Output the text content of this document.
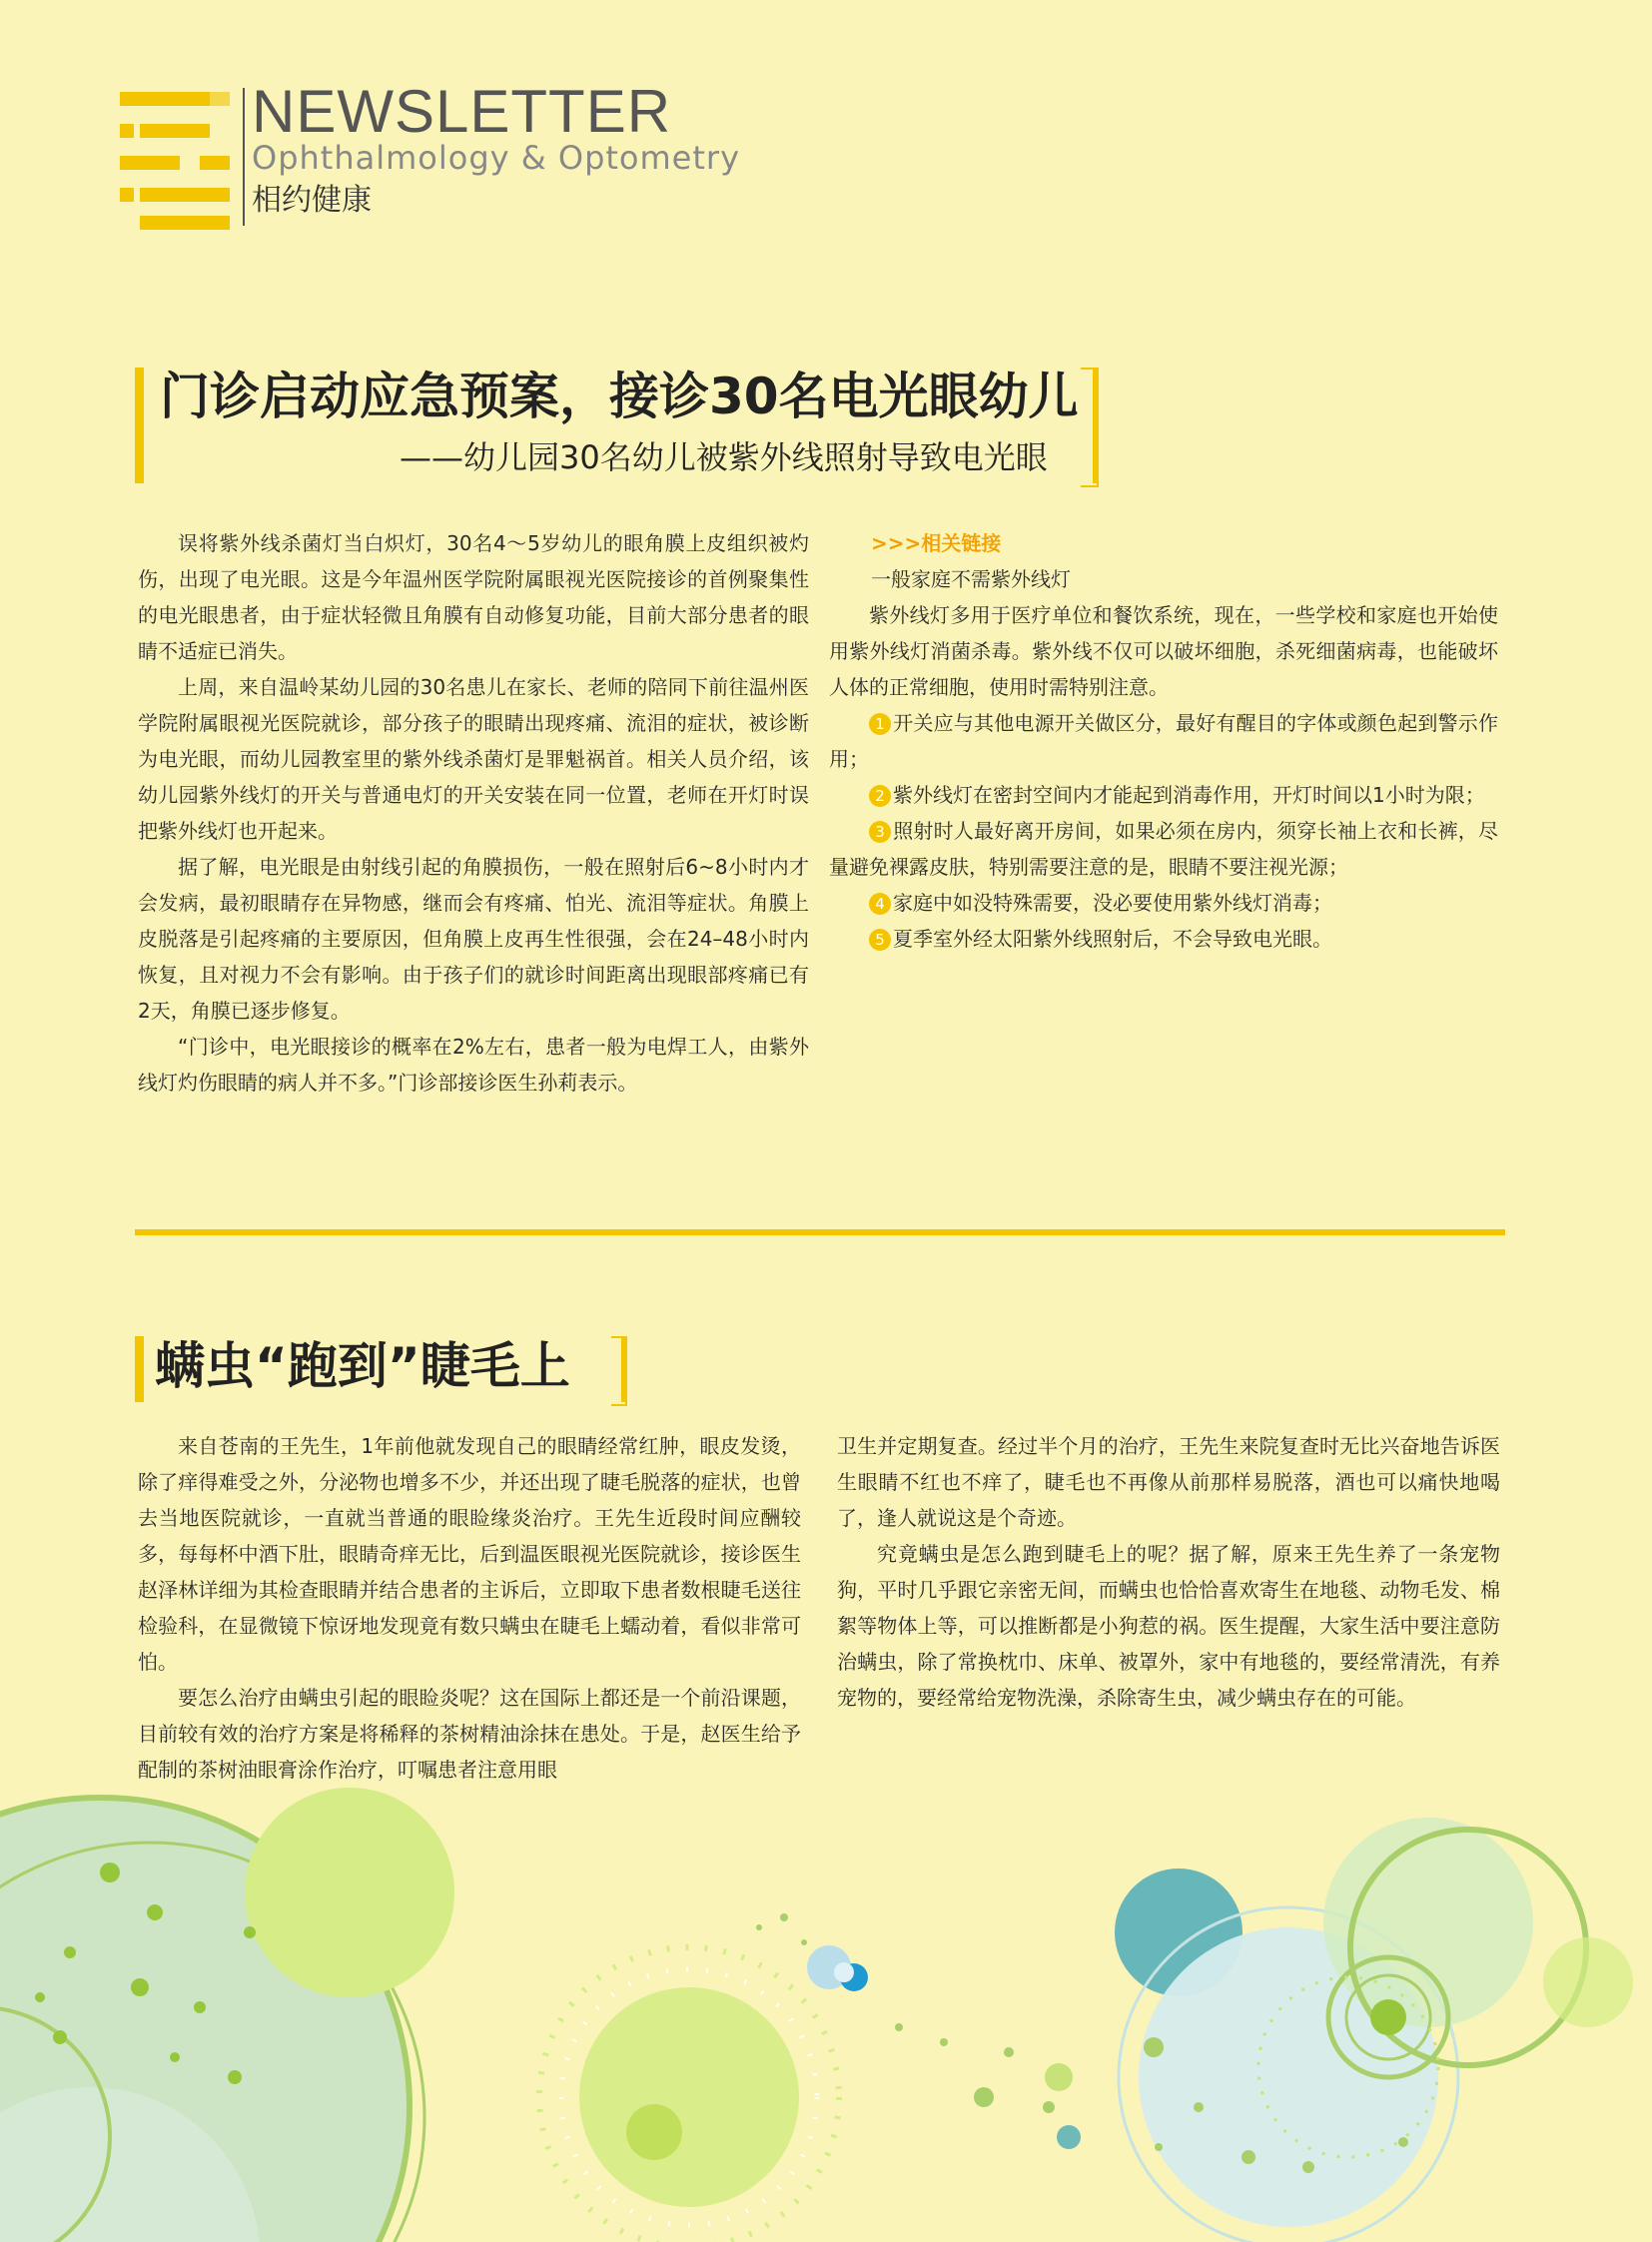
NEWSLETTER
Ophthalmology & Optometry
相约健康
门诊启动应急预案，接诊30名电光眼幼儿
——幼儿园30名幼儿被紫外线照射导致电光眼

误将紫外线杀菌灯当白炽灯，30名4～5岁幼儿的眼角膜上皮组织被灼伤，出现了电光眼。这是今年温州医学院附属眼视光医院接诊的首例聚集性的电光眼患者，由于症状轻微且角膜有自动修复功能，目前大部分患者的眼睛不适症已消失。

上周，来自温岭某幼儿园的30名患儿在家长、老师的陪同下前往温州医学院附属眼视光医院就诊，部分孩子的眼睛出现疼痛、流泪的症状，被诊断为电光眼，而幼儿园教室里的紫外线杀菌灯是罪魁祸首。相关人员介绍，该幼儿园紫外线灯的开关与普通电灯的开关安装在同一位置，老师在开灯时误把紫外线灯也开起来。

据了解，电光眼是由射线引起的角膜损伤，一般在照射后6~8小时内才会发病，最初眼睛存在异物感，继而会有疼痛、怕光、流泪等症状。角膜上皮脱落是引起疼痛的主要原因，但角膜上皮再生性很强，会在24–48小时内恢复，且对视力不会有影响。由于孩子们的就诊时间距离出现眼部疼痛已有2天，角膜已逐步修复。

“门诊中，电光眼接诊的概率在2%左右，患者一般为电焊工人，由紫外线灯灼伤眼睛的病人并不多。”门诊部接诊医生孙莉表示。

>>>相关链接

一般家庭不需紫外线灯

紫外线灯多用于医疗单位和餐饮系统，现在，一些学校和家庭也开始使用紫外线灯消菌杀毒。紫外线不仅可以破坏细胞，杀死细菌病毒，也能破坏人体的正常细胞，使用时需特别注意。

1 开关应与其他电源开关做区分，最好有醒目的字体或颜色起到警示作用；

2 紫外线灯在密封空间内才能起到消毒作用，开灯时间以1小时为限；

3 照射时人最好离开房间，如果必须在房内，须穿长袖上衣和长裤，尽量避免裸露皮肤，特别需要注意的是，眼睛不要注视光源；

4 家庭中如没特殊需要，没必要使用紫外线灯消毒；

5 夏季室外经太阳紫外线照射后，不会导致电光眼。

螨虫“跑到”睫毛上

来自苍南的王先生，1年前他就发现自己的眼睛经常红肿，眼皮发烫，除了痒得难受之外，分泌物也增多不少，并还出现了睫毛脱落的症状，也曾去当地医院就诊，一直就当普通的眼睑缘炎治疗。王先生近段时间应酬较多，每每杯中酒下肚，眼睛奇痒无比，后到温医眼视光医院就诊，接诊医生赵泽林详细为其检查眼睛并结合患者的主诉后，立即取下患者数根睫毛送往检验科，在显微镜下惊讶地发现竟有数只螨虫在睫毛上蠕动着，看似非常可怕。

要怎么治疗由螨虫引起的眼睑炎呢？这在国际上都还是一个前沿课题，目前较有效的治疗方案是将稀释的茶树精油涂抹在患处。于是，赵医生给予配制的茶树油眼膏涂作治疗，叮嘱患者注意用眼

卫生并定期复查。经过半个月的治疗，王先生来院复查时无比兴奋地告诉医生眼睛不红也不痒了，睫毛也不再像从前那样易脱落，酒也可以痛快地喝了，逢人就说这是个奇迹。

究竟螨虫是怎么跑到睫毛上的呢？据了解，原来王先生养了一条宠物狗，平时几乎跟它亲密无间，而螨虫也恰恰喜欢寄生在地毯、动物毛发、棉絮等物体上等，可以推断都是小狗惹的祸。医生提醒，大家生活中要注意防治螨虫，除了常换枕巾、床单、被罩外，家中有地毯的，要经常清洗，有养宠物的，要经常给宠物洗澡，杀除寄生虫，减少螨虫存在的可能。
